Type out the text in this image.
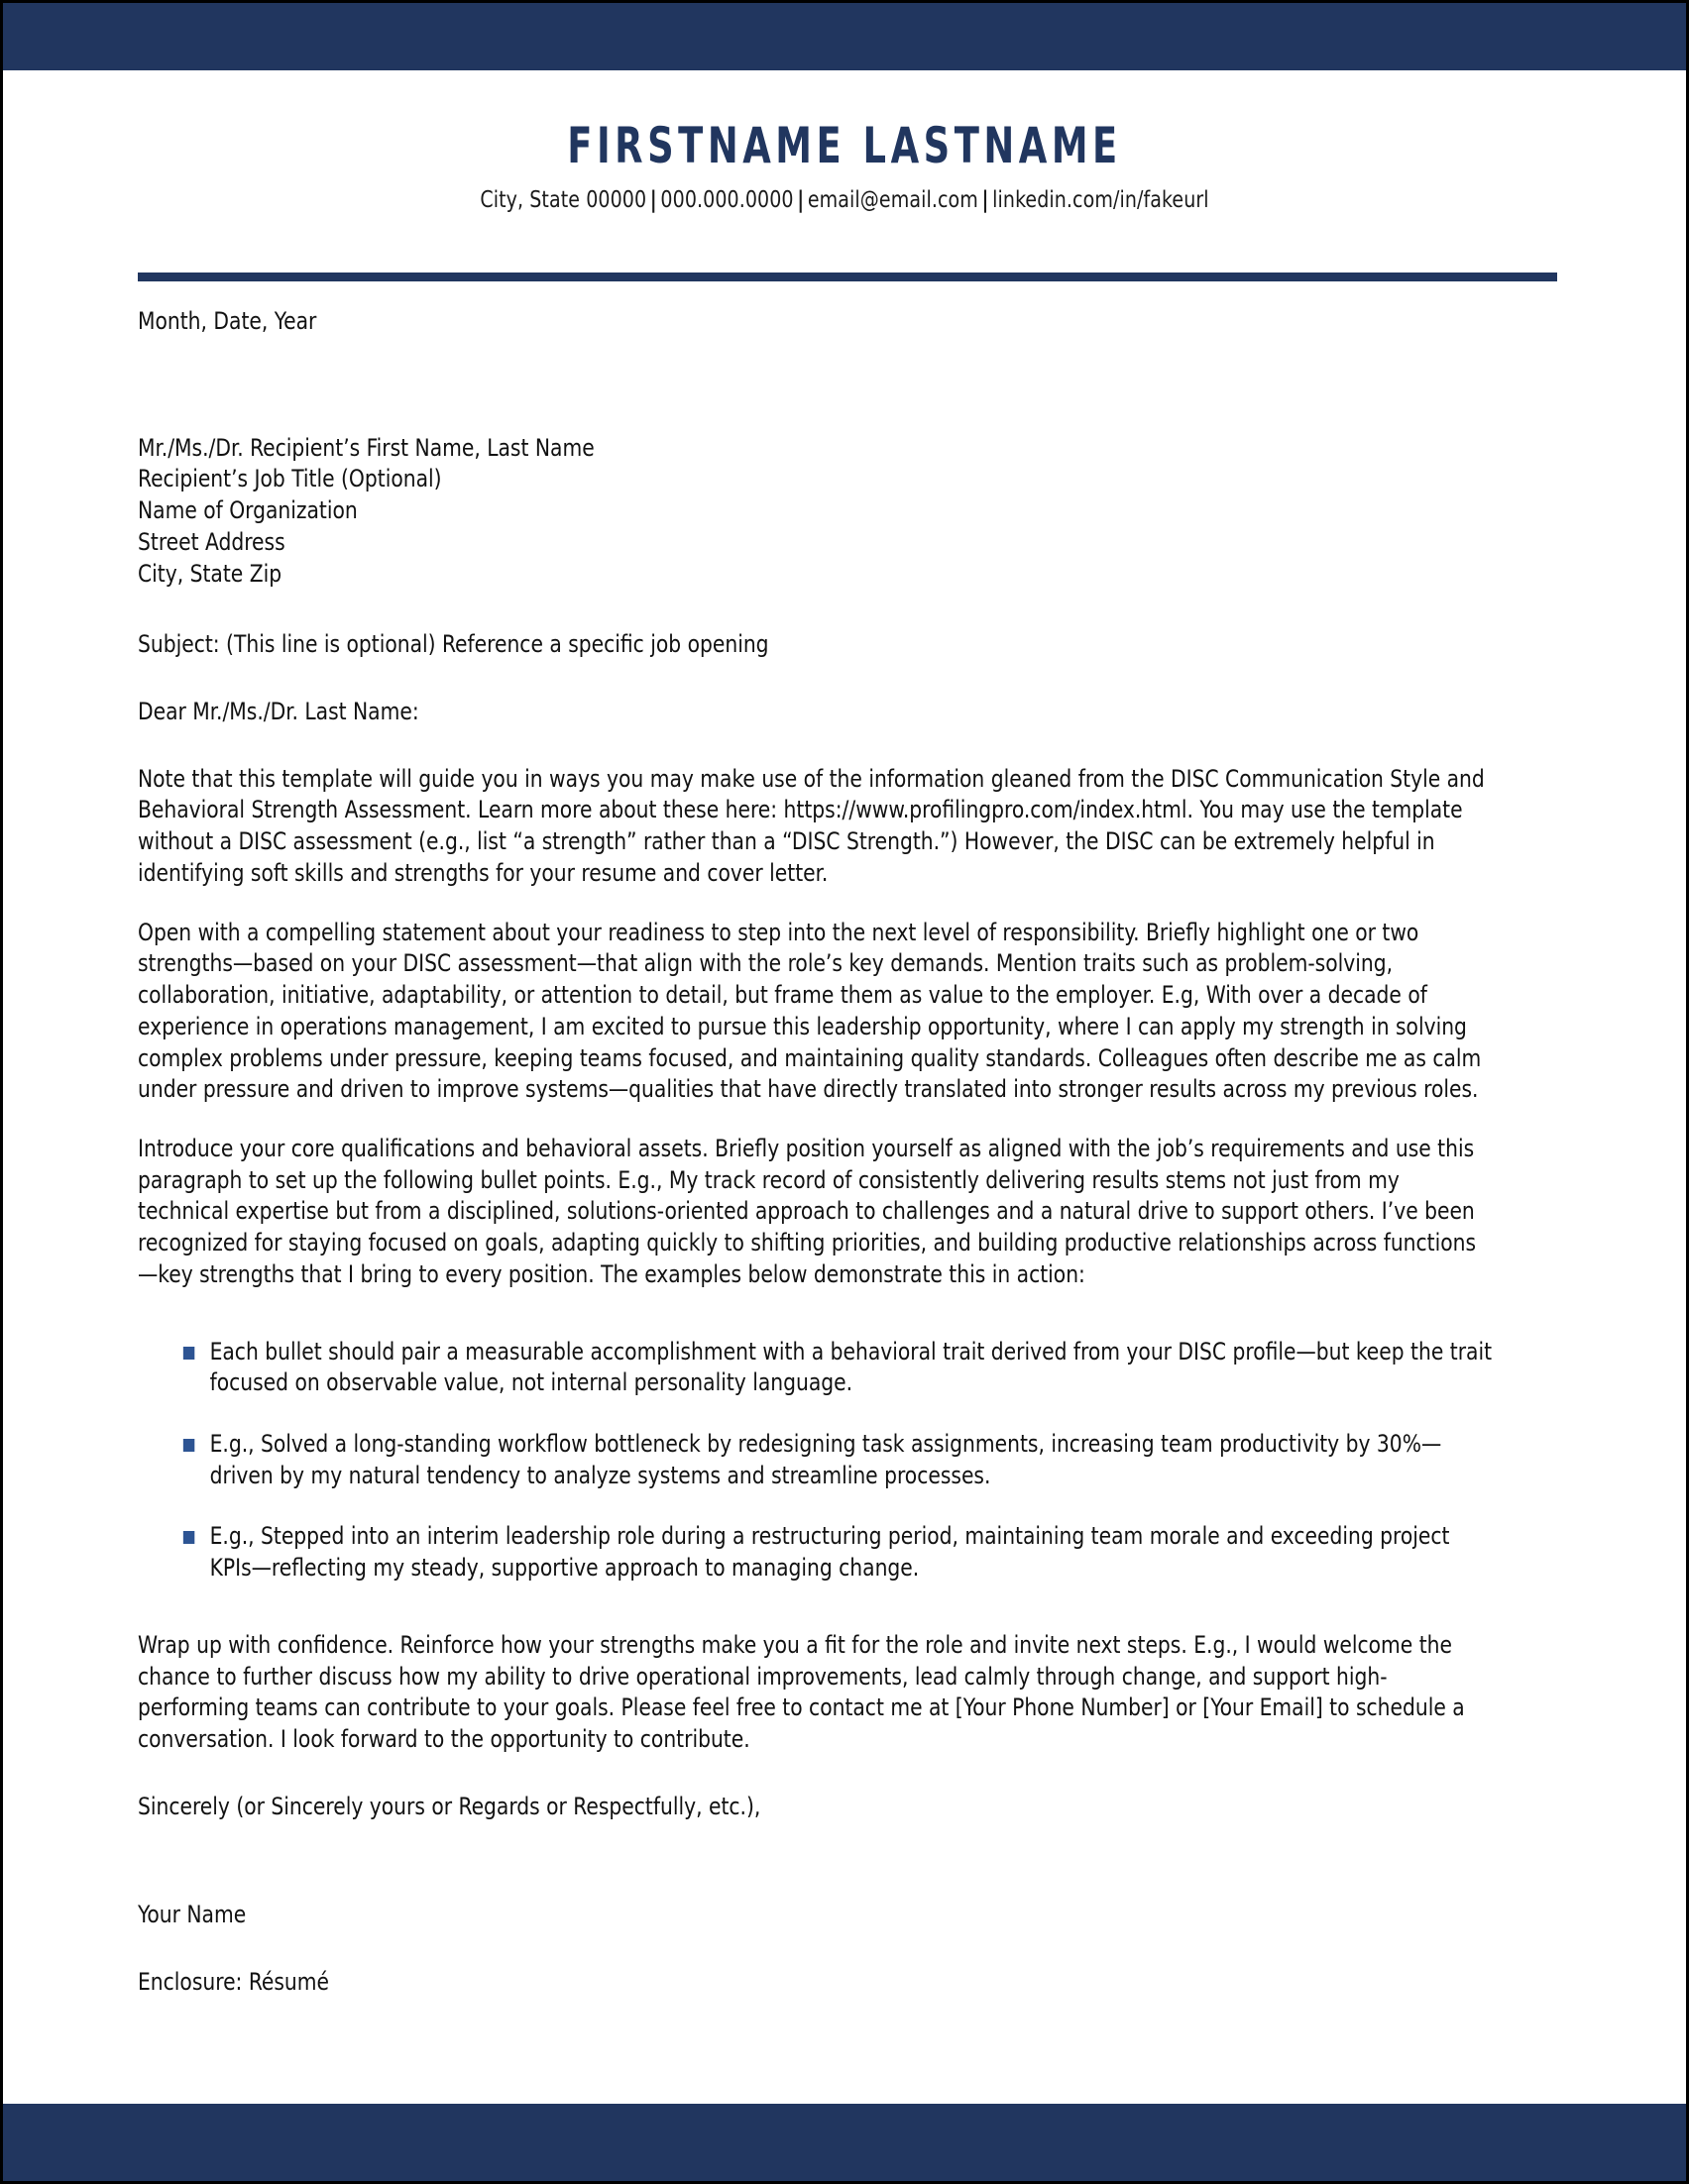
FIRSTNAME LASTNAME
City, State 00000 | 000.000.0000 | email@email.com | linkedin.com/in/fakeurl

Month, Date, Year

Mr./Ms./Dr. Recipient’s First Name, Last Name

Recipient’s Job Title (Optional)

Name of Organization

Street Address

City, State Zip

Subject: (This line is optional) Reference a specific job opening

Dear Mr./Ms./Dr. Last Name:

Note that this template will guide you in ways you may make use of the information gleaned from the DISC Communication Style and Behavioral Strength Assessment. Learn more about these here: https://www.profilingpro.com/index.html. You may use the template without a DISC assessment (e.g., list “a strength” rather than a “DISC Strength.”) However, the DISC can be extremely helpful in identifying soft skills and strengths for your resume and cover letter.

Open with a compelling statement about your readiness to step into the next level of responsibility. Briefly highlight one or two strengths—based on your DISC assessment—that align with the role’s key demands. Mention traits such as problem-solving, collaboration, initiative, adaptability, or attention to detail, but frame them as value to the employer. E.g, With over a decade of experience in operations management, I am excited to pursue this leadership opportunity, where I can apply my strength in solving complex problems under pressure, keeping teams focused, and maintaining quality standards. Colleagues often describe me as calm under pressure and driven to improve systems—qualities that have directly translated into stronger results across my previous roles.

Introduce your core qualifications and behavioral assets. Briefly position yourself as aligned with the job’s requirements and use this paragraph to set up the following bullet points. E.g., My track record of consistently delivering results stems not just from my technical expertise but from a disciplined, solutions-oriented approach to challenges and a natural drive to support others. I’ve been recognized for staying focused on goals, adapting quickly to shifting priorities, and building productive relationships across functions—key strengths that I bring to every position. The examples below demonstrate this in action:

Each bullet should pair a measurable accomplishment with a behavioral trait derived from your DISC profile—but keep the trait focused on observable value, not internal personality language.
E.g., Solved a long-standing workflow bottleneck by redesigning task assignments, increasing team productivity by 30%—driven by my natural tendency to analyze systems and streamline processes.
E.g., Stepped into an interim leadership role during a restructuring period, maintaining team morale and exceeding project KPIs—reflecting my steady, supportive approach to managing change.

Wrap up with confidence. Reinforce how your strengths make you a fit for the role and invite next steps. E.g., I would welcome the chance to further discuss how my ability to drive operational improvements, lead calmly through change, and support high-performing teams can contribute to your goals. Please feel free to contact me at [Your Phone Number] or [Your Email] to schedule a conversation. I look forward to the opportunity to contribute.

Sincerely (or Sincerely yours or Regards or Respectfully, etc.),

Your Name

Enclosure: Résumé
